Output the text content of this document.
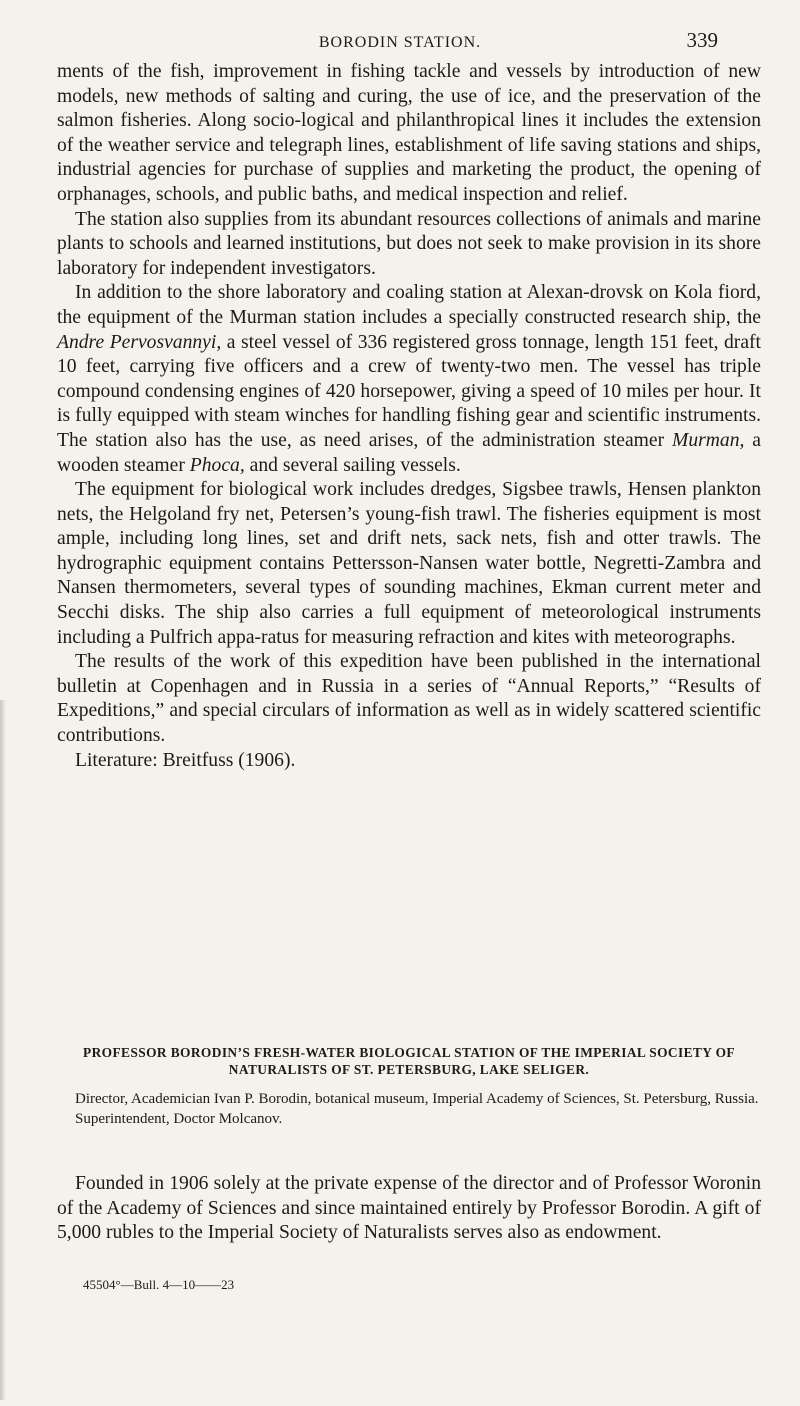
BORODIN STATION.	339

ments of the fish, improvement in fishing tackle and vessels by introduction of new models, new methods of salting and curing, the use of ice, and the preservation of the salmon fisheries. Along socio-logical and philanthropical lines it includes the extension of the weather service and telegraph lines, establishment of life saving stations and ships, industrial agencies for purchase of supplies and marketing the product, the opening of orphanages, schools, and public baths, and medical inspection and relief.

The station also supplies from its abundant resources collections of animals and marine plants to schools and learned institutions, but does not seek to make provision in its shore laboratory for independent investigators.

In addition to the shore laboratory and coaling station at Alexan-drovsk on Kola fiord, the equipment of the Murman station includes a specially constructed research ship, the Andre Pervosvannyi, a steel vessel of 336 registered gross tonnage, length 151 feet, draft 10 feet, carrying five officers and a crew of twenty-two men. The vessel has triple compound condensing engines of 420 horsepower, giving a speed of 10 miles per hour. It is fully equipped with steam winches for handling fishing gear and scientific instruments. The station also has the use, as need arises, of the administration steamer Murman, a wooden steamer Phoca, and several sailing vessels.

The equipment for biological work includes dredges, Sigsbee trawls, Hensen plankton nets, the Helgoland fry net, Petersen’s young-fish trawl. The fisheries equipment is most ample, including long lines, set and drift nets, sack nets, fish and otter trawls. The hydrographic equipment contains Pettersson-Nansen water bottle, Negretti-Zambra and Nansen thermometers, several types of sounding machines, Ekman current meter and Secchi disks. The ship also carries a full equipment of meteorological instruments including a Pulfrich appa-ratus for measuring refraction and kites with meteorographs.

The results of the work of this expedition have been published in the international bulletin at Copenhagen and in Russia in a series of “Annual Reports,” “Results of Expeditions,” and special circulars of information as well as in widely scattered scientific contributions.

Literature: Breitfuss (1906).

PROFESSOR BORODIN’S FRESH-WATER BIOLOGICAL STATION OF THE IMPERIAL SOCIETY OF NATURALISTS OF ST. PETERSBURG, LAKE SELIGER.

Director, Academician Ivan P. Borodin, botanical museum, Imperial Academy of Sciences, St. Petersburg, Russia.

Superintendent, Doctor Molcanov.

Founded in 1906 solely at the private expense of the director and of Professor Woronin of the Academy of Sciences and since maintained entirely by Professor Borodin. A gift of 5,000 rubles to the Imperial Society of Naturalists serves also as endowment.

45504°—Bull. 4—10——23
